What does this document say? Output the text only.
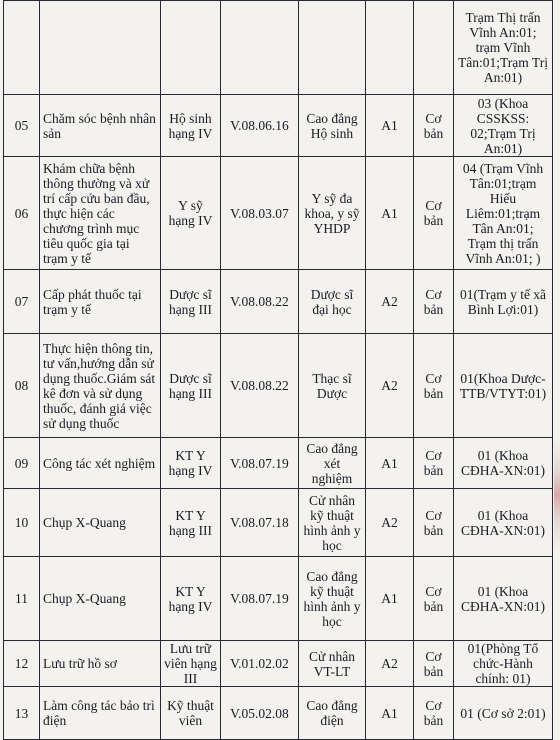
							Trạm Thị trấn Vĩnh An:01; trạm Vĩnh Tân:01;Trạm Trị An:01)
05	Chăm sóc bệnh nhân sản	Hộ sinh hạng IV	V.08.06.16	Cao đẳng Hộ sinh	A1	Cơ bản	03 (Khoa CSSKSS: 02;Trạm Trị An:01)
06	Khám chữa bệnh thông thường và xử trí cấp cứu ban đầu, thực hiện các chương trình mục tiêu quốc gia tại trạm y tế	Y sỹ hạng IV	V.08.03.07	Y sỹ đa khoa, y sỹ YHDP	A1	Cơ bản	04 (Trạm Vĩnh Tân:01;trạm Hiếu Liêm:01;trạm Tân An:01; Trạm thị trấn Vĩnh An:01; )
07	Cấp phát thuốc tại trạm y tế	Dược sĩ hạng III	V.08.08.22	Dược sĩ đại học	A2	Cơ bản	01(Trạm y tế xã Bình Lợi:01)
08	Thực hiện thông tin, tư vấn,hướng dẫn sử dụng thuốc.Giám sát kê đơn và sử dụng thuốc, đánh giá việc sử dụng thuốc	Dược sĩ hạng III	V.08.08.22	Thạc sĩ Dược	A2	Cơ bản	01(Khoa Dược-TTB/VTYT:01)
09	Công tác xét nghiệm	KT Y hạng IV	V.08.07.19	Cao đẳng xét nghiệm	A1	Cơ bản	01 (Khoa CĐHA-XN:01)
10	Chụp X-Quang	KT Y hạng III	V.08.07.18	Cử nhân kỹ thuật hình ảnh y học	A2	Cơ bản	01 (Khoa CĐHA-XN:01)
11	Chụp X-Quang	KT Y hạng IV	V.08.07.19	Cao đẳng kỹ thuật hình ảnh y học	A1	Cơ bản	01 (Khoa CĐHA-XN:01)
12	Lưu trữ hồ sơ	Lưu trữ viên hạng III	V.01.02.02	Cử nhân VT-LT	A2	Cơ bản	01(Phòng Tổ chức-Hành chính: 01)
13	Làm công tác bảo trì điện	Kỹ thuật viên	V.05.02.08	Cao đẳng điện	A1	Cơ bản	01 (Cơ sở 2:01)
